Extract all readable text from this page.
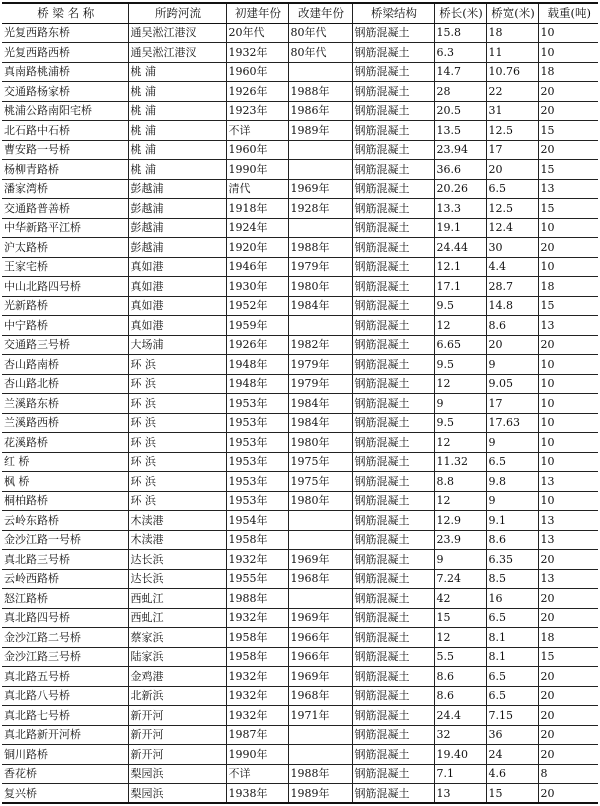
桥 梁 名 称	所跨河流	初建年份	改建年份	桥梁结构	桥长(米)	桥宽(米)	载重(吨)
光复西路东桥	通吴淞江港汊	20年代	80年代	钢筋混凝土	15.8	18	10
光复西路西桥	通吴淞江港汊	1932年	80年代	钢筋混凝土	6.3	11	10
真南路桃浦桥	桃 浦	1960年		钢筋混凝土	14.7	10.76	18
交通路杨家桥	桃 浦	1926年	1988年	钢筋混凝土	28	22	20
桃浦公路南阳宅桥	桃 浦	1923年	1986年	钢筋混凝土	20.5	31	20
北石路中石桥	桃 浦	不详	1989年	钢筋混凝土	13.5	12.5	15
曹安路一号桥	桃 浦	1960年		钢筋混凝土	23.94	17	20
杨柳青路桥	桃 浦	1990年		钢筋混凝土	36.6	20	15
潘家湾桥	彭越浦	清代	1969年	钢筋混凝土	20.26	6.5	13
交通路普善桥	彭越浦	1918年	1928年	钢筋混凝土	13.3	12.5	15
中华新路平江桥	彭越浦	1924年		钢筋混凝土	19.1	12.4	10
沪太路桥	彭越浦	1920年	1988年	钢筋混凝土	24.44	30	20
王家宅桥	真如港	1946年	1979年	钢筋混凝土	12.1	4.4	10
中山北路四号桥	真如港	1930年	1980年	钢筋混凝土	17.1	28.7	18
光新路桥	真如港	1952年	1984年	钢筋混凝土	9.5	14.8	15
中宁路桥	真如港	1959年		钢筋混凝土	12	8.6	13
交通路三号桥	大场浦	1926年	1982年	钢筋混凝土	6.65	20	20
杏山路南桥	环 浜	1948年	1979年	钢筋混凝土	9.5	9	10
杏山路北桥	环 浜	1948年	1979年	钢筋混凝土	12	9.05	10
兰溪路东桥	环 浜	1953年	1984年	钢筋混凝土	9	17	10
兰溪路西桥	环 浜	1953年	1984年	钢筋混凝土	9.5	17.63	10
花溪路桥	环 浜	1953年	1980年	钢筋混凝土	12	9	10
红 桥	环 浜	1953年	1975年	钢筋混凝土	11.32	6.5	10
枫 桥	环 浜	1953年	1975年	钢筋混凝土	8.8	9.8	13
桐柏路桥	环 浜	1953年	1980年	钢筋混凝土	12	9	10
云岭东路桥	木渎港	1954年		钢筋混凝土	12.9	9.1	13
金沙江路一号桥	木渎港	1958年		钢筋混凝土	23.9	8.6	13
真北路三号桥	达长浜	1932年	1969年	钢筋混凝土	9	6.35	20
云岭西路桥	达长浜	1955年	1968年	钢筋混凝土	7.24	8.5	13
怒江路桥	西虬江	1988年		钢筋混凝土	42	16	20
真北路四号桥	西虬江	1932年	1969年	钢筋混凝土	15	6.5	20
金沙江路二号桥	蔡家浜	1958年	1966年	钢筋混凝土	12	8.1	18
金沙江路三号桥	陆家浜	1958年	1966年	钢筋混凝土	5.5	8.1	15
真北路五号桥	金鸡港	1932年	1969年	钢筋混凝土	8.6	6.5	20
真北路八号桥	北新浜	1932年	1968年	钢筋混凝土	8.6	6.5	20
真北路七号桥	新开河	1932年	1971年	钢筋混凝土	24.4	7.15	20
真北路新开河桥	新开河	1987年		钢筋混凝土	32	36	20
铜川路桥	新开河	1990年		钢筋混凝土	19.40	24	20
香花桥	梨园浜	不详	1988年	钢筋混凝土	7.1	4.6	8
复兴桥	梨园浜	1938年	1989年	钢筋混凝土	13	15	20
